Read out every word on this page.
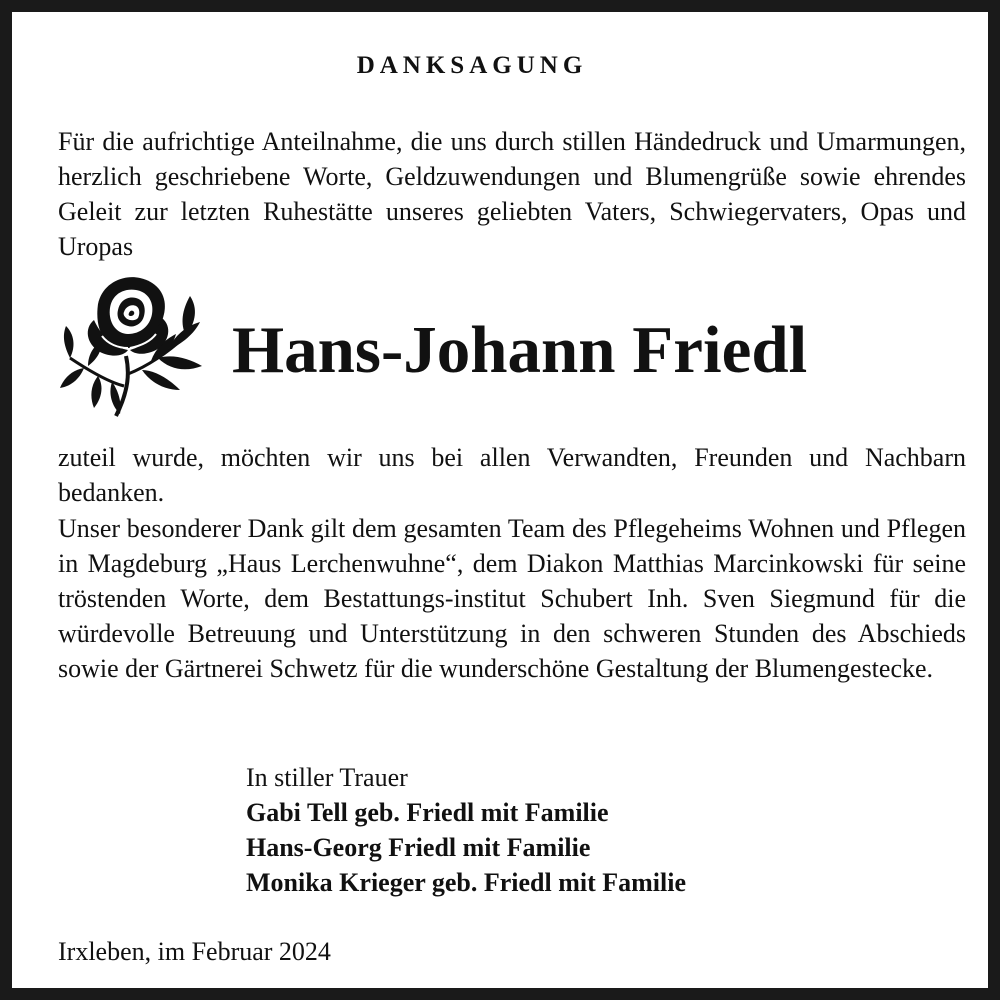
DANKSAGUNG

Für die aufrichtige Anteilnahme, die uns durch stillen Händedruck und Umarmungen, herzlich geschriebene Worte, Geldzuwendungen und Blumengrüße sowie ehrendes Geleit zur letzten Ruhestätte unseres geliebten Vaters, Schwiegervaters, Opas und Uropas

Hans-Johann Friedl

zuteil wurde, möchten wir uns bei allen Verwandten, Freunden und Nachbarn bedanken.

Unser besonderer Dank gilt dem gesamten Team des Pflegeheims Wohnen und Pflegen in Magdeburg „Haus Lerchenwuhne“, dem Diakon Matthias Marcinkowski für seine tröstenden Worte, dem Bestattungs-institut Schubert Inh. Sven Siegmund für die würdevolle Betreuung und Unterstützung in den schweren Stunden des Abschieds sowie der Gärtnerei Schwetz für die wunderschöne Gestaltung der Blumengestecke.

In stiller Trauer
Gabi Tell geb. Friedl mit Familie
Hans-Georg Friedl mit Familie
Monika Krieger geb. Friedl mit Familie
Irxleben, im Februar 2024
